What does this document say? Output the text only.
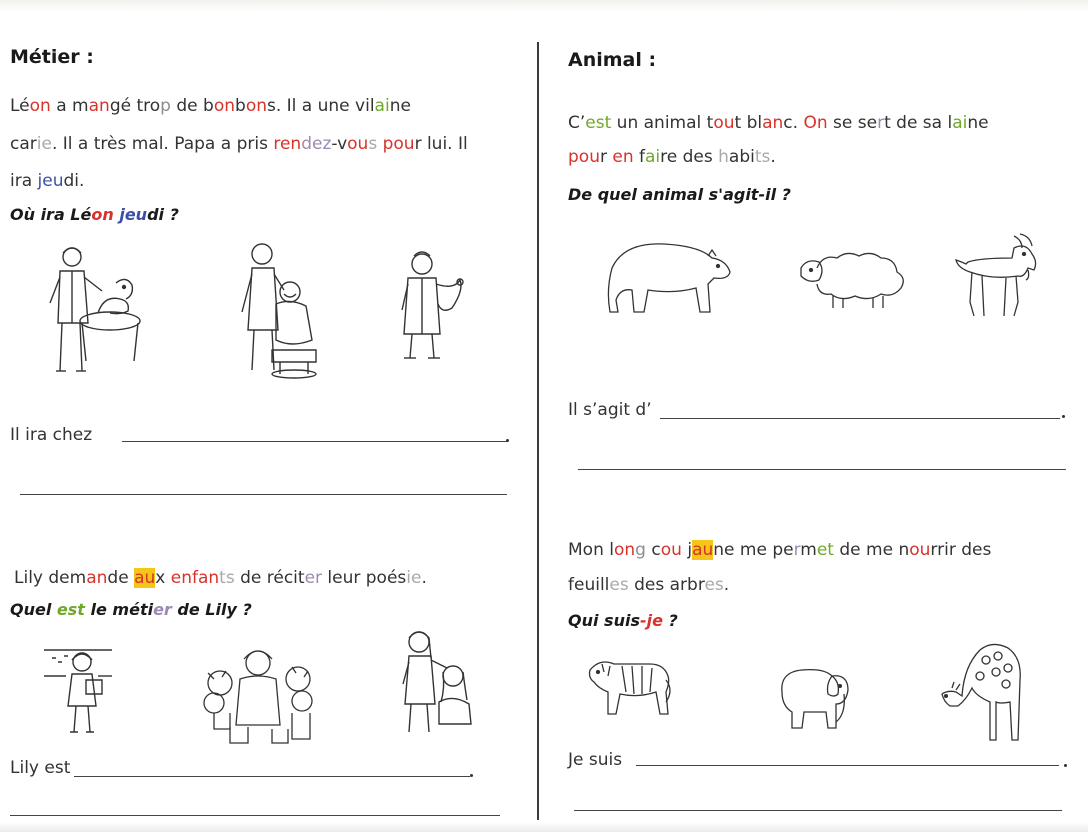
Métier :
Léon a mangé trop de bonbons. Il a une vilaine
carie. Il a très mal. Papa a pris rendez-vous pour lui. Il
ira jeudi.
Où ira Léon jeudi ?
Il ira chez
Lily demande aux enfants de réciter leur poésie.
Quel est le métier de Lily ?
Lily est
Animal :
C’est un animal tout blanc. On se sert de sa laine
pour en faire des habits.
De quel animal s'agit-il ?
Il s’agit d’
Mon long cou jaune me permet de me nourrir des
feuilles des arbres.
Qui suis-je ?
Je suis
